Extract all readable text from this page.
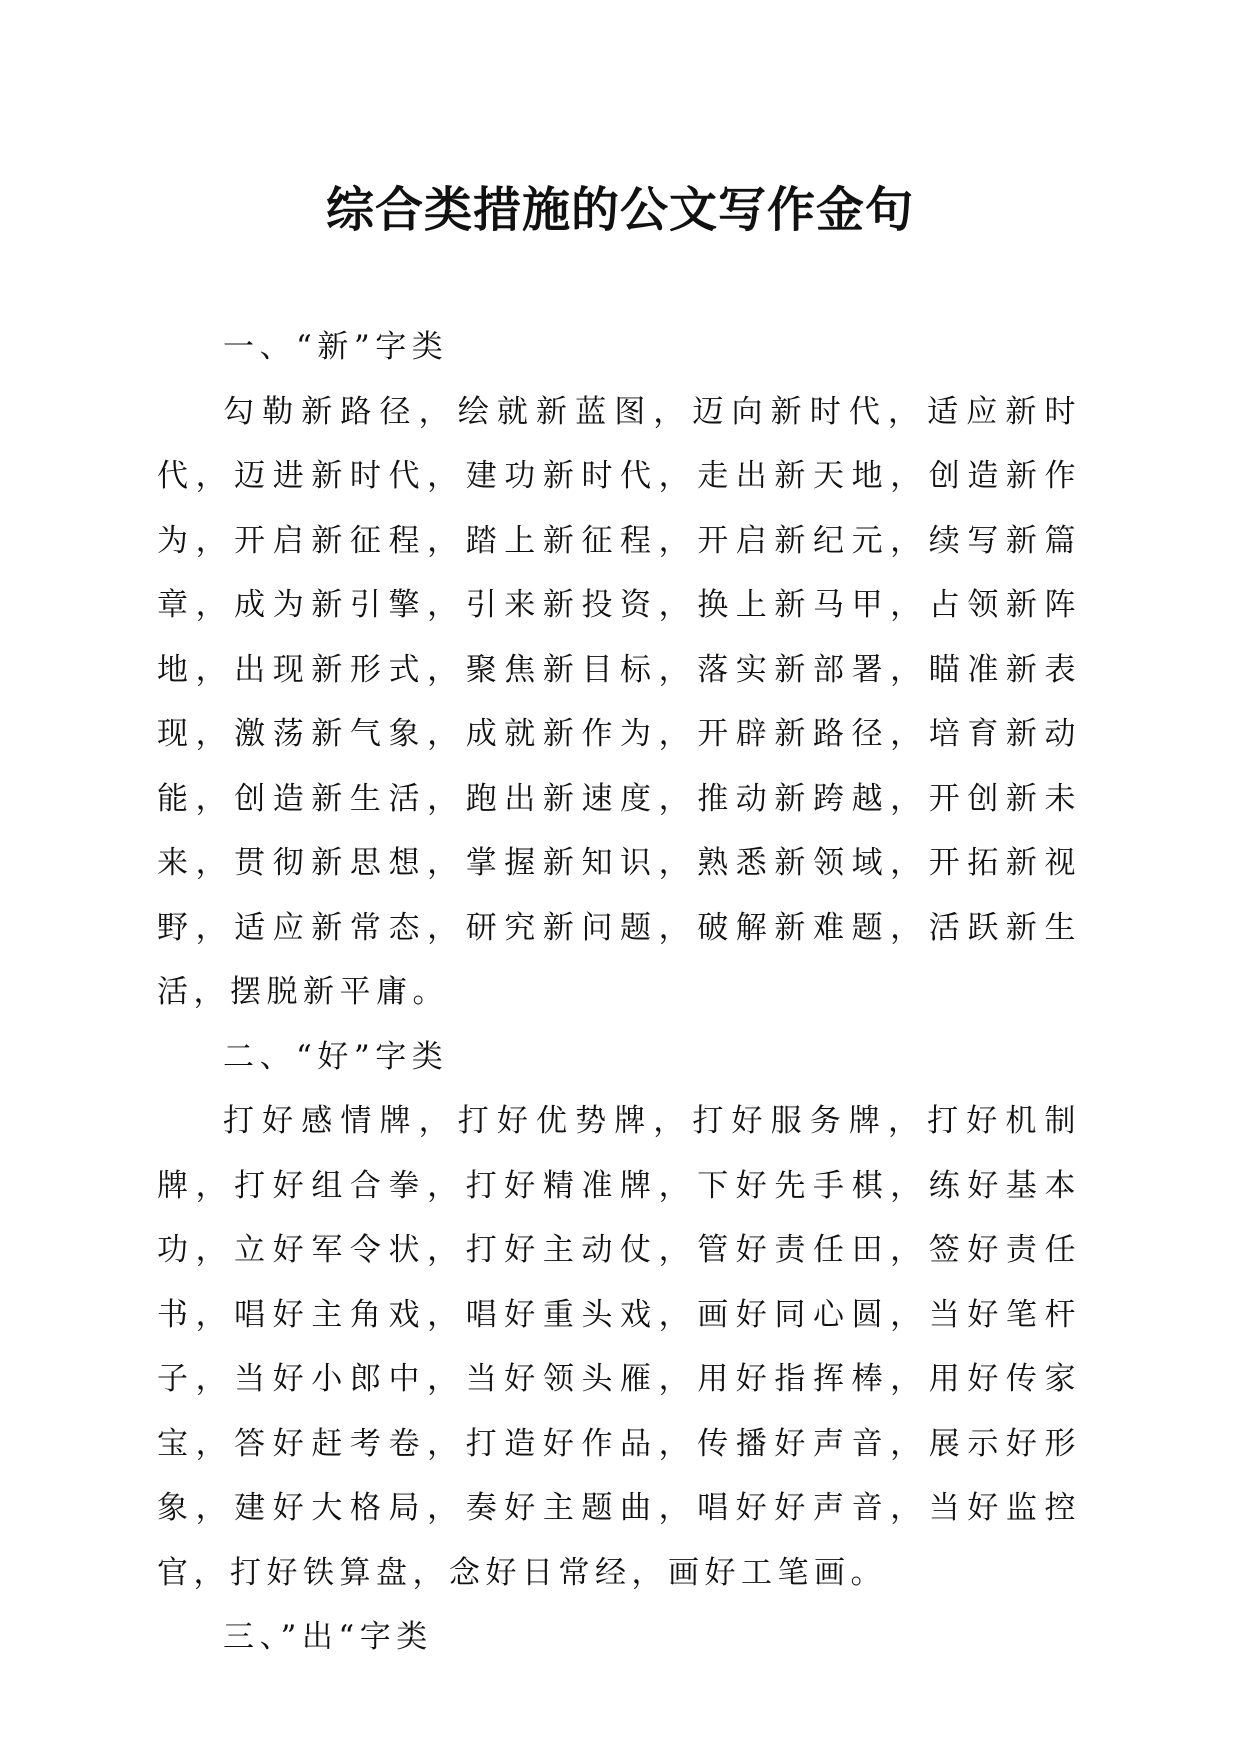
综合类措施的公文写作金句

一、“新”字类

勾勒新路径，绘就新蓝图，迈向新时代，适应新时代，迈进新时代，建功新时代，走出新天地，创造新作为，开启新征程，踏上新征程，开启新纪元，续写新篇章，成为新引擎，引来新投资，换上新马甲，占领新阵地，出现新形式，聚焦新目标，落实新部署，瞄准新表现，激荡新气象，成就新作为，开辟新路径，培育新动能，创造新生活，跑出新速度，推动新跨越，开创新未来，贯彻新思想，掌握新知识，熟悉新领域，开拓新视野，适应新常态，研究新问题，破解新难题，活跃新生活，摆脱新平庸。

二、“好”字类

打好感情牌，打好优势牌，打好服务牌，打好机制牌，打好组合拳，打好精准牌，下好先手棋，练好基本功，立好军令状，打好主动仗，管好责任田，签好责任书，唱好主角戏，唱好重头戏，画好同心圆，当好笔杆子，当好小郎中，当好领头雁，用好指挥棒，用好传家宝，答好赶考卷，打造好作品，传播好声音，展示好形象，建好大格局，奏好主题曲，唱好好声音，当好监控官，打好铁算盘，念好日常经，画好工笔画。

三、”出“字类
